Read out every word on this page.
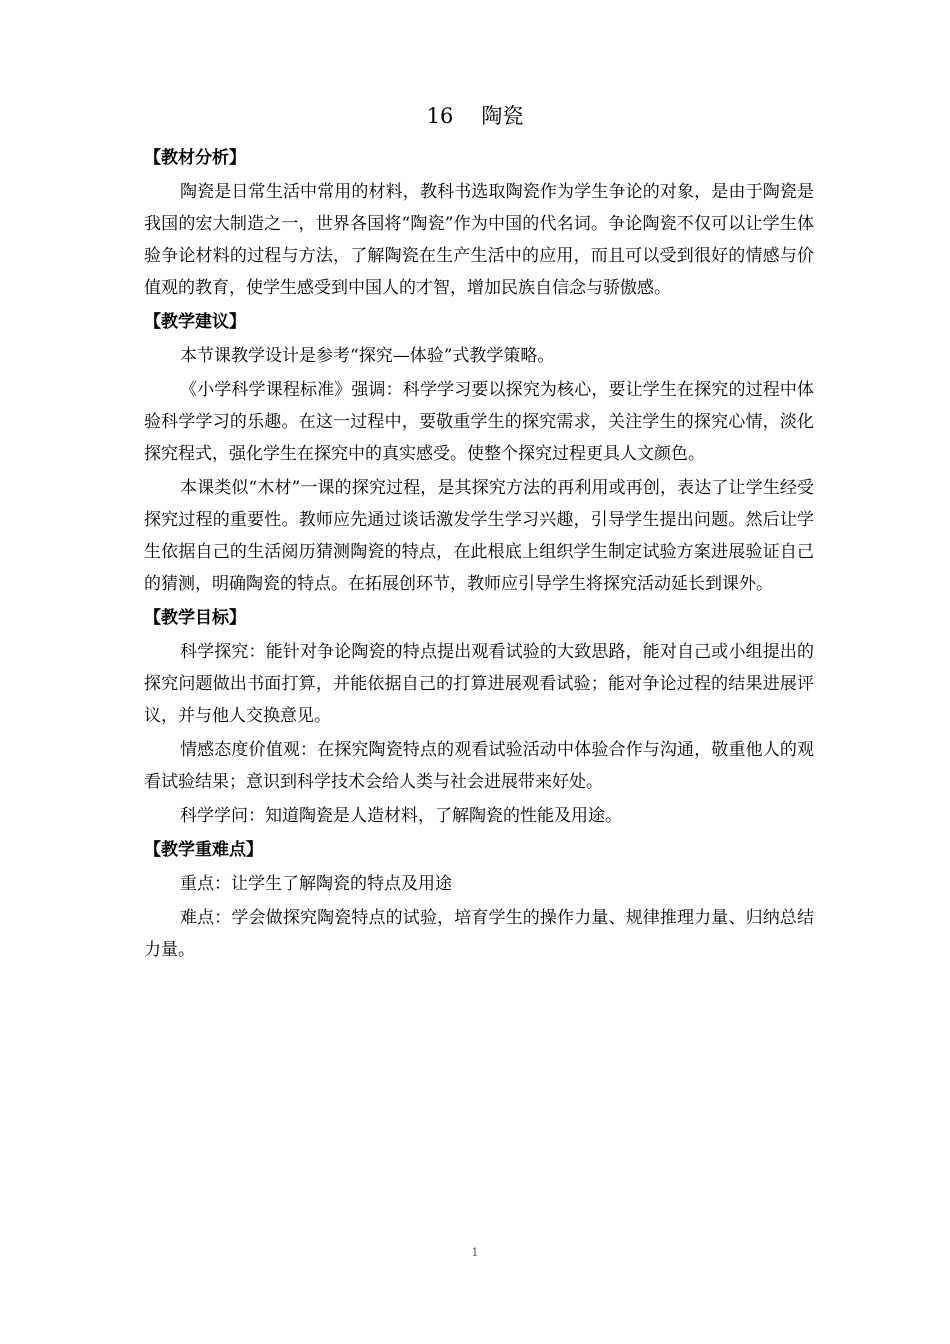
16 陶瓷
【教材分析】

陶瓷是日常生活中常用的材料，教科书选取陶瓷作为学生争论的对象，是由于陶瓷是我国的宏大制造之一，世界各国将“陶瓷”作为中国的代名词。争论陶瓷不仅可以让学生体验争论材料的过程与方法，了解陶瓷在生产生活中的应用，而且可以受到很好的情感与价值观的教育，使学生感受到中国人的才智，增加民族自信念与骄傲感。

【教学建议】

本节课教学设计是参考“探究—体验”式教学策略。

《小学科学课程标准》强调：科学学习要以探究为核心，要让学生在探究的过程中体验科学学习的乐趣。在这一过程中，要敬重学生的探究需求，关注学生的探究心情，淡化探究程式，强化学生在探究中的真实感受。使整个探究过程更具人文颜色。

本课类似“木材”一课的探究过程，是其探究方法的再利用或再创，表达了让学生经受探究过程的重要性。教师应先通过谈话激发学生学习兴趣，引导学生提出问题。然后让学生依据自己的生活阅历猜测陶瓷的特点，在此根底上组织学生制定试验方案进展验证自己的猜测，明确陶瓷的特点。在拓展创环节，教师应引导学生将探究活动延长到课外。

【教学目标】

科学探究：能针对争论陶瓷的特点提出观看试验的大致思路，能对自己或小组提出的探究问题做出书面打算，并能依据自己的打算进展观看试验；能对争论过程的结果进展评议，并与他人交换意见。

情感态度价值观：在探究陶瓷特点的观看试验活动中体验合作与沟通，敬重他人的观看试验结果；意识到科学技术会给人类与社会进展带来好处。

科学学问：知道陶瓷是人造材料，了解陶瓷的性能及用途。

【教学重难点】

重点：让学生了解陶瓷的特点及用途

难点：学会做探究陶瓷特点的试验，培育学生的操作力量、规律推理力量、归纳总结力量。

1
